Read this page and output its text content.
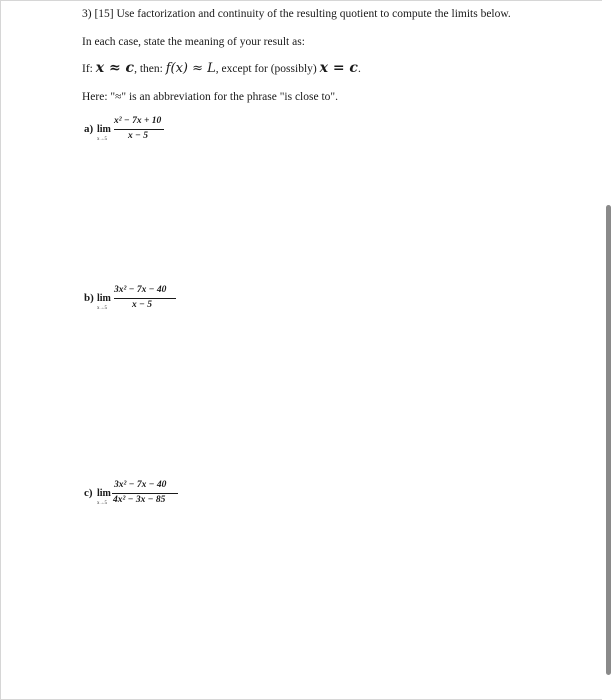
3) [15] Use factorization and continuity of the resulting quotient to compute the limits below.
In each case, state the meaning of your result as:
If: x ≈ c, then: f(x) ≈ L, except for (possibly) x = c.
Here: "≈" is an abbreviation for the phrase "is close to".
a) lim
x→5
x² − 7x + 10
x − 5
b) lim
x→5
3x² − 7x − 40
x − 5
c) lim
x→5
3x² − 7x − 40
4x² − 3x − 85
